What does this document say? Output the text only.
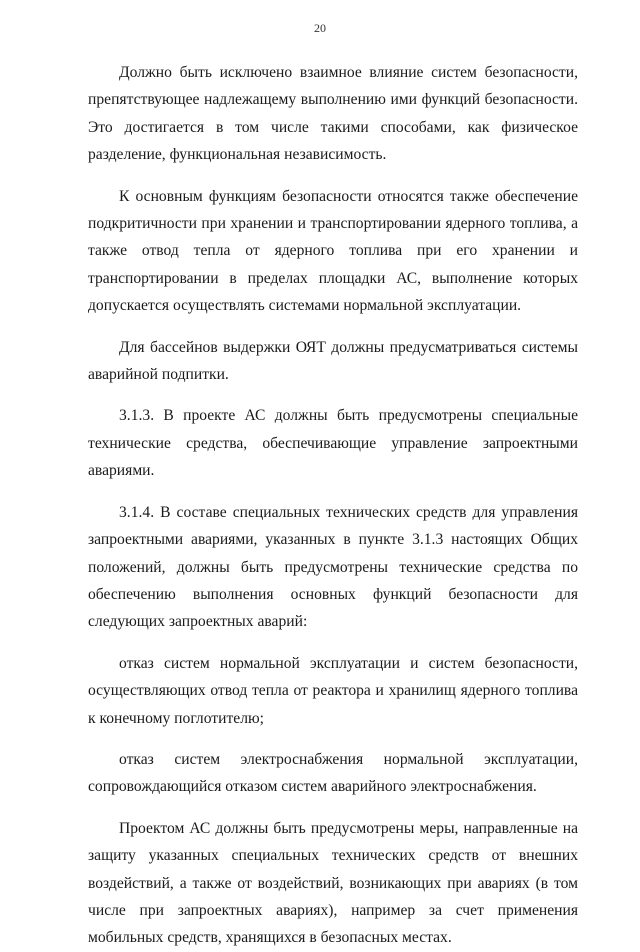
20

Должно быть исключено взаимное влияние систем безопасности, препятствующее надлежащему выполнению ими функций безопасности. Это достигается в том числе такими способами, как физическое разделение, функциональная независимость.

К основным функциям безопасности относятся также обеспечение подкритичности при хранении и транспортировании ядерного топлива, а также отвод тепла от ядерного топлива при его хранении и транспортировании в пределах площадки АС, выполнение которых допускается осуществлять системами нормальной эксплуатации.

Для бассейнов выдержки ОЯТ должны предусматриваться системы аварийной подпитки.

3.1.3. В проекте АС должны быть предусмотрены специальные технические средства, обеспечивающие управление запроектными авариями.

3.1.4. В составе специальных технических средств для управления запроектными авариями, указанных в пункте 3.1.3 настоящих Общих положений, должны быть предусмотрены технические средства по обеспечению выполнения основных функций безопасности для следующих запроектных аварий:

отказ систем нормальной эксплуатации и систем безопасности, осуществляющих отвод тепла от реактора и хранилищ ядерного топлива к конечному поглотителю;

отказ систем электроснабжения нормальной эксплуатации, сопровождающийся отказом систем аварийного электроснабжения.

Проектом АС должны быть предусмотрены меры, направленные на защиту указанных специальных технических средств от внешних воздействий, а также от воздействий, возникающих при авариях (в том числе при запроектных авариях), например за счет применения мобильных средств, хранящихся в безопасных местах.
